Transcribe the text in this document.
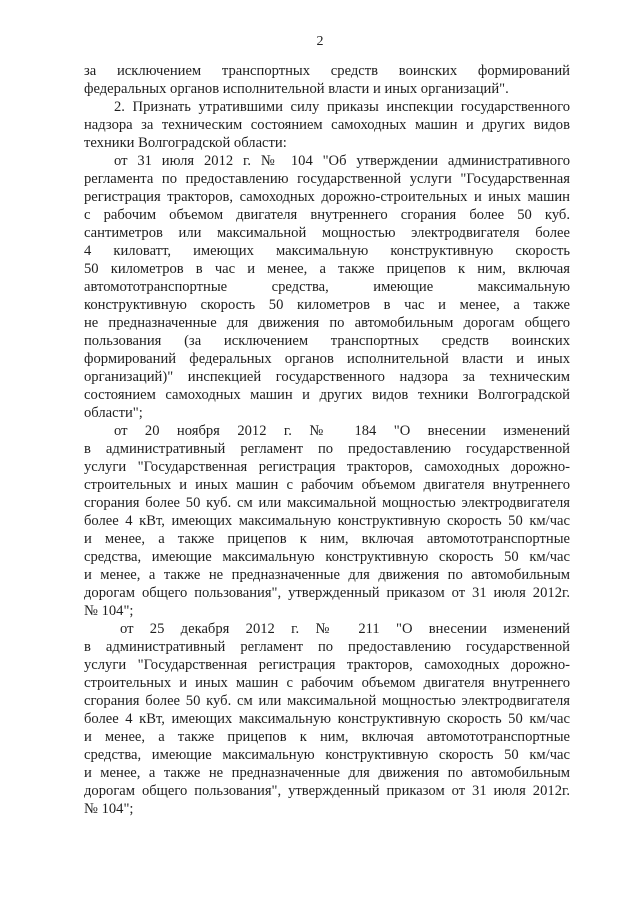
2
за исключением транспортных средств воинских формирований
федеральных органов исполнительной власти и иных организаций".
2. Признать утратившими силу приказы инспекции государственного
надзора за техническим состоянием самоходных машин и других видов
техники Волгоградской области:
от 31 июля 2012 г. № 104 "Об утверждении административного
регламента по предоставлению государственной услуги "Государственная
регистрация тракторов, самоходных дорожно-строительных и иных машин
с рабочим объемом двигателя внутреннего сгорания более 50 куб.
сантиметров или максимальной мощностью электродвигателя более
4 киловатт, имеющих максимальную конструктивную скорость
50 километров в час и менее, а также прицепов к ним, включая
автомототранспортные средства, имеющие максимальную
конструктивную скорость 50 километров в час и менее, а также
не предназначенные для движения по автомобильным дорогам общего
пользования (за исключением транспортных средств воинских
формирований федеральных органов исполнительной власти и иных
организаций)" инспекцией государственного надзора за техническим
состоянием самоходных машин и других видов техники Волгоградской
области";
от 20 ноября 2012 г. № 184 "О внесении изменений
в административный регламент по предоставлению государственной
услуги "Государственная регистрация тракторов, самоходных дорожно-
строительных и иных машин с рабочим объемом двигателя внутреннего
сгорания более 50 куб. см или максимальной мощностью электродвигателя
более 4 кВт, имеющих максимальную конструктивную скорость 50 км/час
и менее, а также прицепов к ним, включая автомототранспортные
средства, имеющие максимальную конструктивную скорость 50 км/час
и менее, а также не предназначенные для движения по автомобильным
дорогам общего пользования", утвержденный приказом от 31 июля 2012г.
№ 104";
от 25 декабря 2012 г. № 211 "О внесении изменений
в административный регламент по предоставлению государственной
услуги "Государственная регистрация тракторов, самоходных дорожно-
строительных и иных машин с рабочим объемом двигателя внутреннего
сгорания более 50 куб. см или максимальной мощностью электродвигателя
более 4 кВт, имеющих максимальную конструктивную скорость 50 км/час
и менее, а также прицепов к ним, включая автомототранспортные
средства, имеющие максимальную конструктивную скорость 50 км/час
и менее, а также не предназначенные для движения по автомобильным
дорогам общего пользования", утвержденный приказом от 31 июля 2012г.
№ 104";
